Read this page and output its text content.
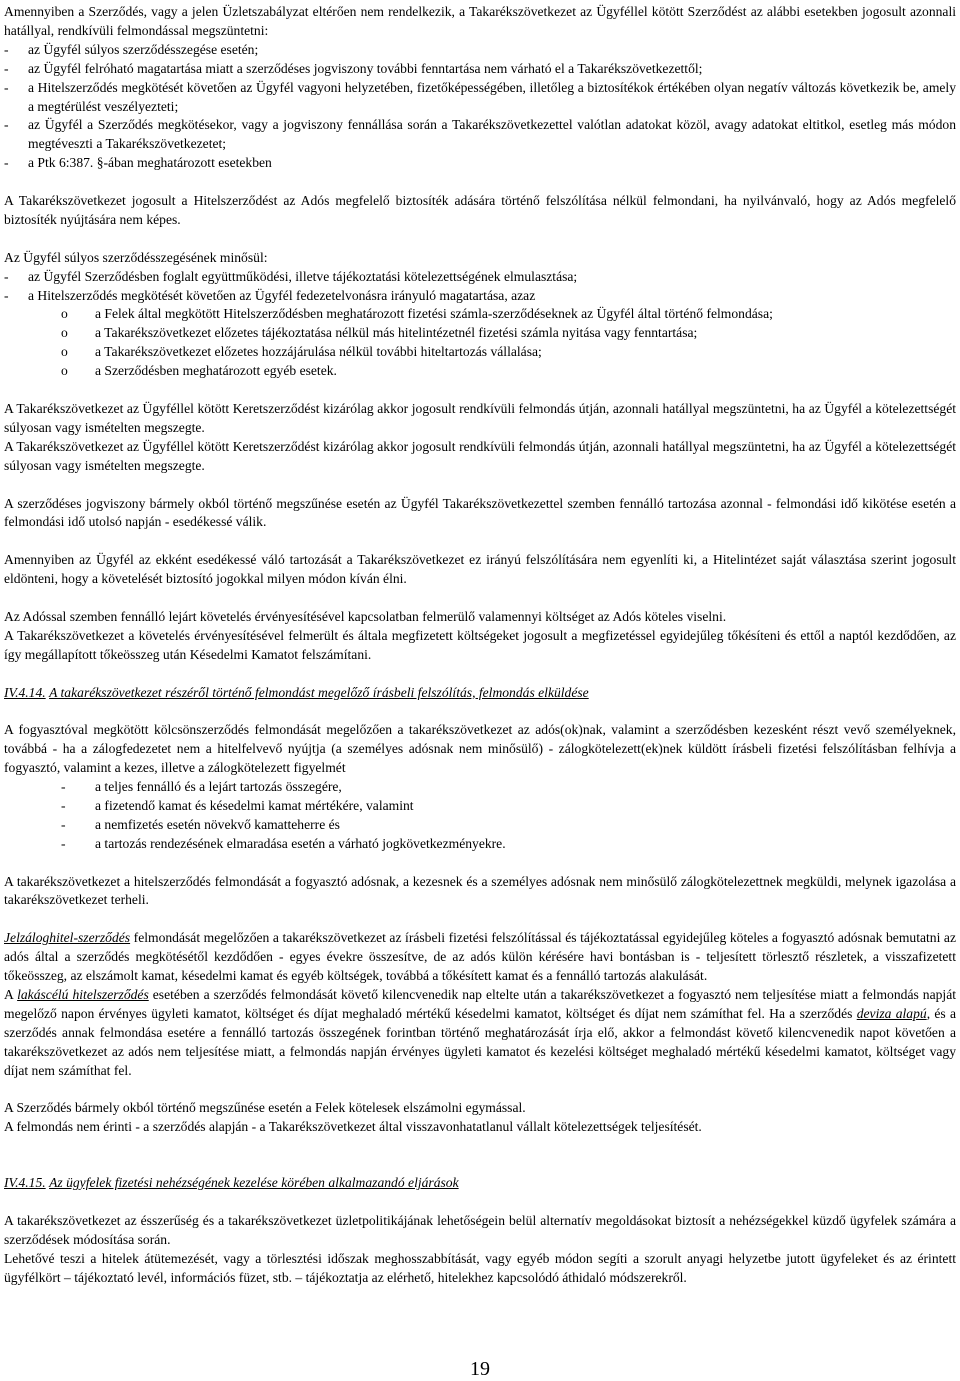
Amennyiben a Szerződés, vagy a jelen Üzletszabályzat eltérően nem rendelkezik, a Takarékszövetkezet az Ügyféllel kötött Szerződést az alábbi esetekben jogosult azonnali hatállyal, rendkívüli felmondással megszüntetni:

-	az Ügyfél súlyos szerződésszegése esetén;
-	az Ügyfél felróható magatartása miatt a szerződéses jogviszony további fenntartása nem várható el a Takarékszövetkezettől;
-	a Hitelszerződés megkötését követően az Ügyfél vagyoni helyzetében, fizetőképességében, illetőleg a biztosítékok értékében olyan negatív változás következik be, amely a megtérülést veszélyezteti;
-	az Ügyfél a Szerződés megkötésekor, vagy a jogviszony fennállása során a Takarékszövetkezettel valótlan adatokat közöl, avagy adatokat eltitkol, esetleg más módon megtéveszti a Takarékszövetkezetet;
-	a Ptk 6:387. §-ában meghatározott esetekben

A Takarékszövetkezet jogosult a Hitelszerződést az Adós megfelelő biztosíték adására történő felszólítása nélkül felmondani, ha nyilvánvaló, hogy az Adós megfelelő biztosíték nyújtására nem képes.

Az Ügyfél súlyos szerződésszegésének minősül:

-	az Ügyfél Szerződésben foglalt együttműködési, illetve tájékoztatási kötelezettségének elmulasztása;
-	a Hitelszerződés megkötését követően az Ügyfél fedezetelvonásra irányuló magatartása, azaz
o	a Felek által megkötött Hitelszerződésben meghatározott fizetési számla-szerződéseknek az Ügyfél által történő felmondása;
o	a Takarékszövetkezet előzetes tájékoztatása nélkül más hitelintézetnél fizetési számla nyitása vagy fenntartása;
o	a Takarékszövetkezet előzetes hozzájárulása nélkül további hiteltartozás vállalása;
o	a Szerződésben meghatározott egyéb esetek.

A Takarékszövetkezet az Ügyféllel kötött Keretszerződést kizárólag akkor jogosult rendkívüli felmondás útján, azonnali hatállyal megszüntetni, ha az Ügyfél a kötelezettségét súlyosan vagy ismételten megszegte.

A Takarékszövetkezet az Ügyféllel kötött Keretszerződést kizárólag akkor jogosult rendkívüli felmondás útján, azonnali hatállyal megszüntetni, ha az Ügyfél a kötelezettségét súlyosan vagy ismételten megszegte.

A szerződéses jogviszony bármely okból történő megszűnése esetén az Ügyfél Takarékszövetkezettel szemben fennálló tartozása azonnal - felmondási idő kikötése esetén a felmondási idő utolsó napján - esedékessé válik.

Amennyiben az Ügyfél az ekként esedékessé váló tartozását a Takarékszövetkezet ez irányú felszólítására nem egyenlíti ki, a Hitelintézet saját választása szerint jogosult eldönteni, hogy a követelését biztosító jogokkal milyen módon kíván élni.

Az Adóssal szemben fennálló lejárt követelés érvényesítésével kapcsolatban felmerülő valamennyi költséget az Adós köteles viselni.

A Takarékszövetkezet a követelés érvényesítésével felmerült és általa megfizetett költségeket jogosult a megfizetéssel egyidejűleg tőkésíteni és ettől a naptól kezdődően, az így megállapított tőkeösszeg után Késedelmi Kamatot felszámítani.

IV.4.14. A takarékszövetkezet részéről történő felmondást megelőző írásbeli felszólítás, felmondás elküldése

A fogyasztóval megkötött kölcsönszerződés felmondását megelőzően a takarékszövetkezet az adós(ok)nak, valamint a szerződésben kezesként részt vevő személyeknek, továbbá - ha a zálogfedezetet nem a hitelfelvevő nyújtja (a személyes adósnak nem minősülő) - zálogkötelezett(ek)nek küldött írásbeli fizetési felszólításban felhívja a fogyasztó, valamint a kezes, illetve a zálogkötelezett figyelmét

-	a teljes fennálló és a lejárt tartozás összegére,
-	a fizetendő kamat és késedelmi kamat mértékére, valamint
-	a nemfizetés esetén növekvő kamatteherre és
-	a tartozás rendezésének elmaradása esetén a várható jogkövetkezményekre.

A takarékszövetkezet a hitelszerződés felmondását a fogyasztó adósnak, a kezesnek és a személyes adósnak nem minősülő zálogkötelezettnek megküldi, melynek igazolása a takarékszövetkezet terheli.

Jelzáloghitel-szerződés felmondását megelőzően a takarékszövetkezet az írásbeli fizetési felszólítással és tájékoztatással egyidejűleg köteles a fogyasztó adósnak bemutatni az adós által a szerződés megkötésétől kezdődően - egyes évekre összesítve, de az adós külön kérésére havi bontásban is - teljesített törlesztő részletek, a visszafizetett tőkeösszeg, az elszámolt kamat, késedelmi kamat és egyéb költségek, továbbá a tőkésített kamat és a fennálló tartozás alakulását.

A lakáscélú hitelszerződés esetében a szerződés felmondását követő kilencvenedik nap eltelte után a takarékszövetkezet a fogyasztó nem teljesítése miatt a felmondás napját megelőző napon érvényes ügyleti kamatot, költséget és díjat meghaladó mértékű késedelmi kamatot, költséget és díjat nem számíthat fel. Ha a szerződés deviza alapú, és a szerződés annak felmondása esetére a fennálló tartozás összegének forintban történő meghatározását írja elő, akkor a felmondást követő kilencvenedik napot követően a takarékszövetkezet az adós nem teljesítése miatt, a felmondás napján érvényes ügyleti kamatot és kezelési költséget meghaladó mértékű késedelmi kamatot, költséget vagy díjat nem számíthat fel.

A Szerződés bármely okból történő megszűnése esetén a Felek kötelesek elszámolni egymással.

A felmondás nem érinti - a szerződés alapján - a Takarékszövetkezet által visszavonhatatlanul vállalt kötelezettségek teljesítését.

IV.4.15. Az ügyfelek fizetési nehézségének kezelése körében alkalmazandó eljárások

A takarékszövetkezet az ésszerűség és a takarékszövetkezet üzletpolitikájának lehetőségein belül alternatív megoldásokat biztosít a nehézségekkel küzdő ügyfelek számára a szerződések módosítása során.

Lehetővé teszi a hitelek átütemezését, vagy a törlesztési időszak meghosszabbítását, vagy egyéb módon segíti a szorult anyagi helyzetbe jutott ügyfeleket és az érintett ügyfélkört – tájékoztató levél, információs füzet, stb. – tájékoztatja az elérhető, hitelekhez kapcsolódó áthidaló módszerekről.

19
